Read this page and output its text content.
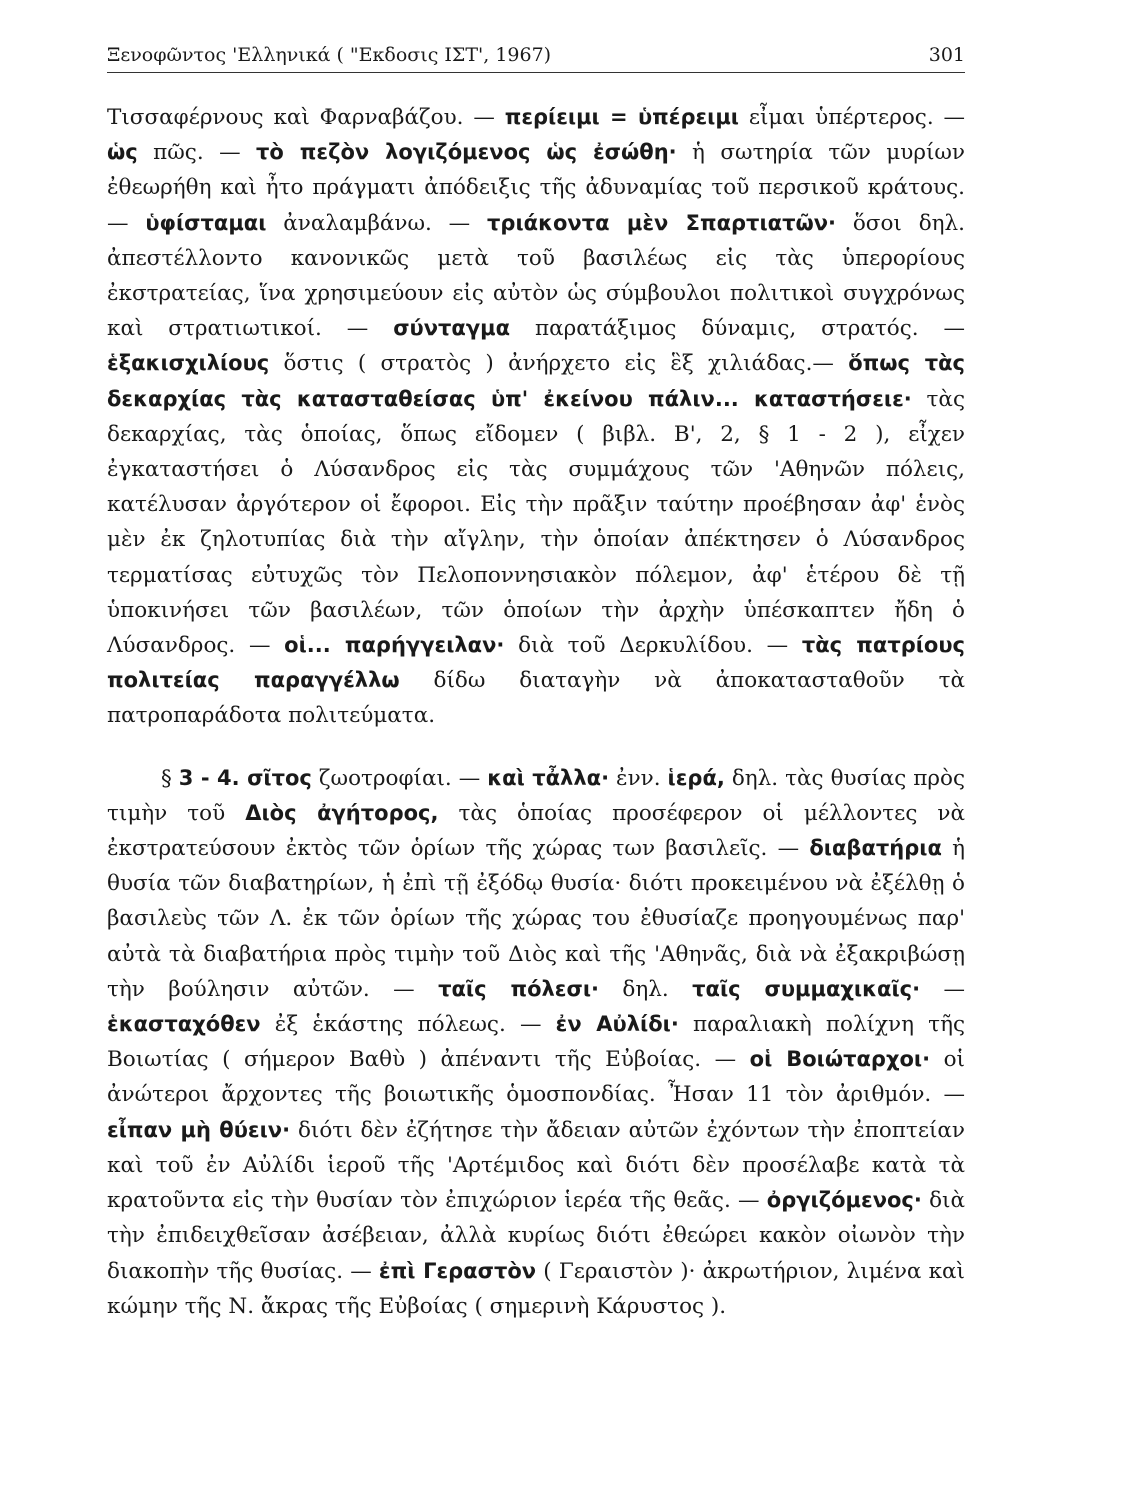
Ξενοφῶντος 'Ελληνικά ( "Εκδοσις ΙΣΤ', 1967)	301

Τισσαφέρνους καὶ Φαρναβάζου. — περίειμι = ὑπέρειμι εἶμαι ὑπέρτερος. — ὡς πῶς. — τὸ πεζὸν λογιζόμενος ὡς ἐσώθη· ἡ σωτηρία τῶν μυρίων ἐθεωρήθη καὶ ἦτο πράγματι ἀπόδειξις τῆς ἀδυναμίας τοῦ περσικοῦ κράτους. — ὑφίσταμαι ἀναλαμβάνω. — τριάκοντα μὲν Σπαρτιατῶν· ὅσοι δηλ. ἀπεστέλλοντο κανονικῶς μετὰ τοῦ βασιλέως εἰς τὰς ὑπερορίους ἐκστρατείας, ἵνα χρησιμεύουν εἰς αὐτὸν ὡς σύμβουλοι πολιτικοὶ συγχρόνως καὶ στρατιωτικοί. — σύνταγμα παρατάξιμος δύναμις, στρατός. — ἑξακισχιλίους ὅστις ( στρατὸς ) ἀνήρχετο εἰς ἓξ χιλιάδας.— ὅπως τὰς δεκαρχίας τὰς κατασταθείσας ὑπ' ἐκείνου πάλιν... καταστήσειε· τὰς δεκαρχίας, τὰς ὁποίας, ὅπως εἴδομεν ( βιβλ. Β', 2, § 1 - 2 ), εἶχεν ἐγκαταστήσει ὁ Λύσανδρος εἰς τὰς συμμάχους τῶν 'Αθηνῶν πόλεις, κατέλυσαν ἀργότερον οἱ ἔφοροι. Εἰς τὴν πρᾶξιν ταύτην προέβησαν ἀφ' ἑνὸς μὲν ἐκ ζηλοτυπίας διὰ τὴν αἴγλην, τὴν ὁποίαν ἀπέκτησεν ὁ Λύσανδρος τερματίσας εὐτυχῶς τὸν Πελοποννησιακὸν πόλεμον, ἀφ' ἑτέρου δὲ τῇ ὑποκινήσει τῶν βασιλέων, τῶν ὁποίων τὴν ἀρχὴν ὑπέσκαπτεν ἤδη ὁ Λύσανδρος. — οἱ... παρήγγειλαν· διὰ τοῦ Δερκυλίδου. — τὰς πατρίους πολιτείας παραγγέλλω δίδω διαταγὴν νὰ ἀποκατασταθοῦν τὰ πατροπαράδοτα πολιτεύματα.

§ 3 - 4. σῖτος ζωοτροφίαι. — καὶ τἆλλα· ἐνν. ἱερά, δηλ. τὰς θυσίας πρὸς τιμὴν τοῦ Διὸς ἀγήτορος, τὰς ὁποίας προσέφερον οἱ μέλλοντες νὰ ἐκστρατεύσουν ἐκτὸς τῶν ὁρίων τῆς χώρας των βασιλεῖς. — διαβατήρια ἡ θυσία τῶν διαβατηρίων, ἡ ἐπὶ τῇ ἐξόδῳ θυσία· διότι προκειμένου νὰ ἐξέλθῃ ὁ βασιλεὺς τῶν Λ. ἐκ τῶν ὁρίων τῆς χώρας του ἐθυσίαζε προηγουμένως παρ' αὐτὰ τὰ διαβατήρια πρὸς τιμὴν τοῦ Διὸς καὶ τῆς 'Αθηνᾶς, διὰ νὰ ἐξακριβώσῃ τὴν βούλησιν αὐτῶν. — ταῖς πόλεσι· δηλ. ταῖς συμμαχικαῖς· — ἑκασταχόθεν ἐξ ἑκάστης πόλεως. — ἐν Αὐλίδι· παραλιακὴ πολίχνη τῆς Βοιωτίας ( σήμερον Βαθὺ ) ἀπέναντι τῆς Εὐβοίας. — οἱ Βοιώταρχοι· οἱ ἀνώτεροι ἄρχοντες τῆς βοιωτικῆς ὁμοσπονδίας. Ἦσαν 11 τὸν ἀριθμόν. — εἶπαν μὴ θύειν· διότι δὲν ἐζήτησε τὴν ἄδειαν αὐτῶν ἐχόντων τὴν ἐποπτείαν καὶ τοῦ ἐν Αὐλίδι ἱεροῦ τῆς 'Αρτέμιδος καὶ διότι δὲν προσέλαβε κατὰ τὰ κρατοῦντα εἰς τὴν θυσίαν τὸν ἐπιχώριον ἱερέα τῆς θεᾶς. — ὀργιζόμενος· διὰ τὴν ἐπιδειχθεῖσαν ἀσέβειαν, ἀλλὰ κυρίως διότι ἐθεώρει κακὸν οἰωνὸν τὴν διακοπὴν τῆς θυσίας. — ἐπὶ Γεραστὸν ( Γεραιστὸν )· ἀκρωτήριον, λιμένα καὶ κώμην τῆς Ν. ἄκρας τῆς Εὐβοίας ( σημερινὴ Κάρυστος ).
